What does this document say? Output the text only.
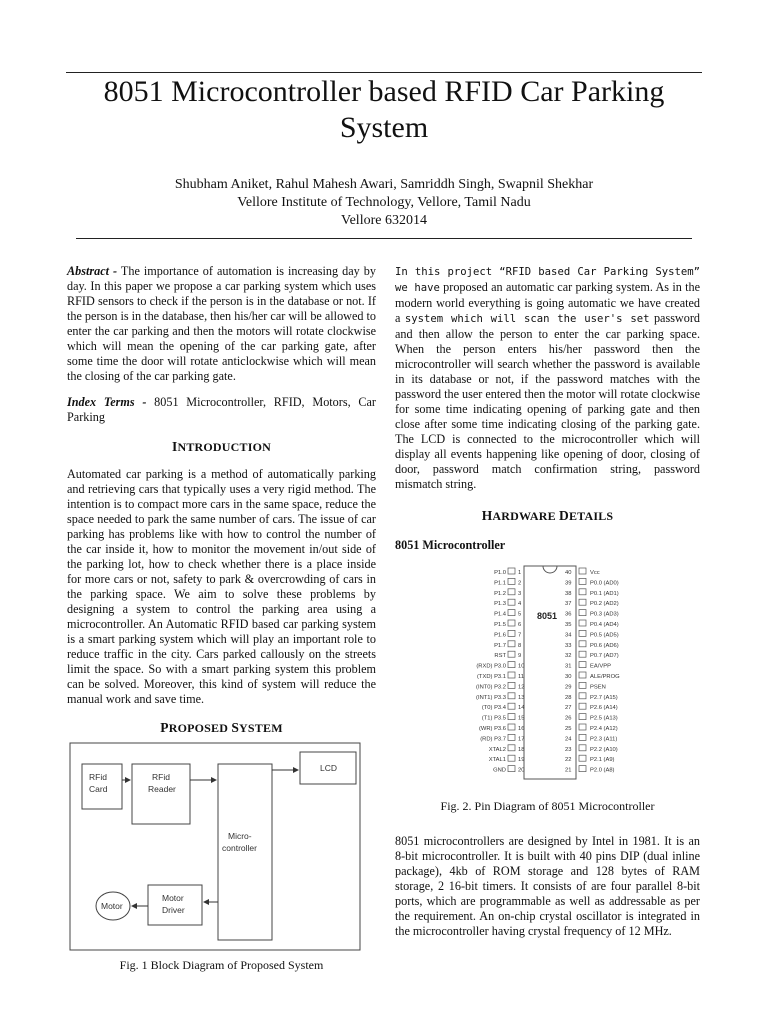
8051 Microcontroller based RFID Car Parking
System
Shubham Aniket, Rahul Mahesh Awari, Samriddh Singh, Swapnil Shekhar
Vellore Institute of Technology, Vellore, Tamil Nadu
Vellore 632014

Abstract - The importance of automation is increasing day by day. In this paper we propose a car parking system which uses RFID sensors to check if the person is in the database or not. If the person is in the database, then his/her car will be allowed to enter the car parking and then the motors will rotate clockwise which will mean the opening of the car parking gate, after some time the door will rotate anticlockwise which will mean the closing of the car parking gate.

Index Terms - 8051 Microcontroller, RFID, Motors, Car Parking

INTRODUCTION

Automated car parking is a method of automatically parking and retrieving cars that typically uses a very rigid method. The intention is to compact more cars in the same space, reduce the space needed to park the same number of cars. The issue of car parking has problems like with how to control the number of the car inside it, how to monitor the movement in/out side of the parking lot, how to check whether there is a place inside for more cars or not, safety to park & overcrowding of cars in the parking space. We aim to solve these problems by designing a system to control the parking area using a microcontroller. An Automatic RFID based car parking system is a smart parking system which will play an important role to reduce traffic in the city. Cars parked callously on the streets limit the space. So with a smart parking system this problem can be solved. Moreover, this kind of system will reduce the manual work and save time.

PROPOSED SYSTEM
RFid
Card
RFid
Reader
Micro-
controller
LCD
Motor
Motor
Driver
Fig. 1 Block Diagram of Proposed System

In this project “RFID based Car Parking System” we have proposed an automatic car parking system. As in the modern world everything is going automatic we have created a system which will scan the user's set password and then allow the person to enter the car parking space. When the person enters his/her password then the microcontroller will search whether the password is available in its database or not, if the password matches with the password the user entered then the motor will rotate clockwise for some time indicating opening of parking gate and then close after some time indicating closing of the parking gate. The LCD is connected to the microcontroller which will display all events happening like opening of door, closing of door, password match confirmation string, password mismatch string.

HARDWARE DETAILS
8051 Microcontroller
8051
P1.0 1
P1.1 2
P1.2 3
P1.3 4
P1.4 5
P1.5 6
P1.6 7
P1.7 8
RST 9
(RXD) P3.0 10
(TXD) P3.1 11
(INT0) P3.2 12
(INT1) P3.3 13
(T0) P3.4 14
(T1) P3.5 15
(WR) P3.6 16
(RD) P3.7 17
XTAL2 18
XTAL1 19
GND 20
40	Vcc
39	P0.0 (AD0)
38	P0.1 (AD1)
37	P0.2 (AD2)
36	P0.3 (AD3)
35	P0.4 (AD4)
34	P0.5 (AD5)
33	P0.6 (AD6)
32	P0.7 (AD7)
31	EA/VPP
30	ALE/PROG
29	PSEN
28	P2.7 (A15)
27	P2.6 (A14)
26	P2.5 (A13)
25	P2.4 (A12)
24	P2.3 (A11)
23	P2.2 (A10)
22	P2.1 (A9)
21	P2.0 (A8)
Fig. 2. Pin Diagram of 8051 Microcontroller

8051 microcontrollers are designed by Intel in 1981. It is an 8-bit microcontroller. It is built with 40 pins DIP (dual inline package), 4kb of ROM storage and 128 bytes of RAM storage, 2 16-bit timers. It consists of are four parallel 8-bit ports, which are programmable as well as addressable as per the requirement. An on-chip crystal oscillator is integrated in the microcontroller having crystal frequency of 12 MHz.
